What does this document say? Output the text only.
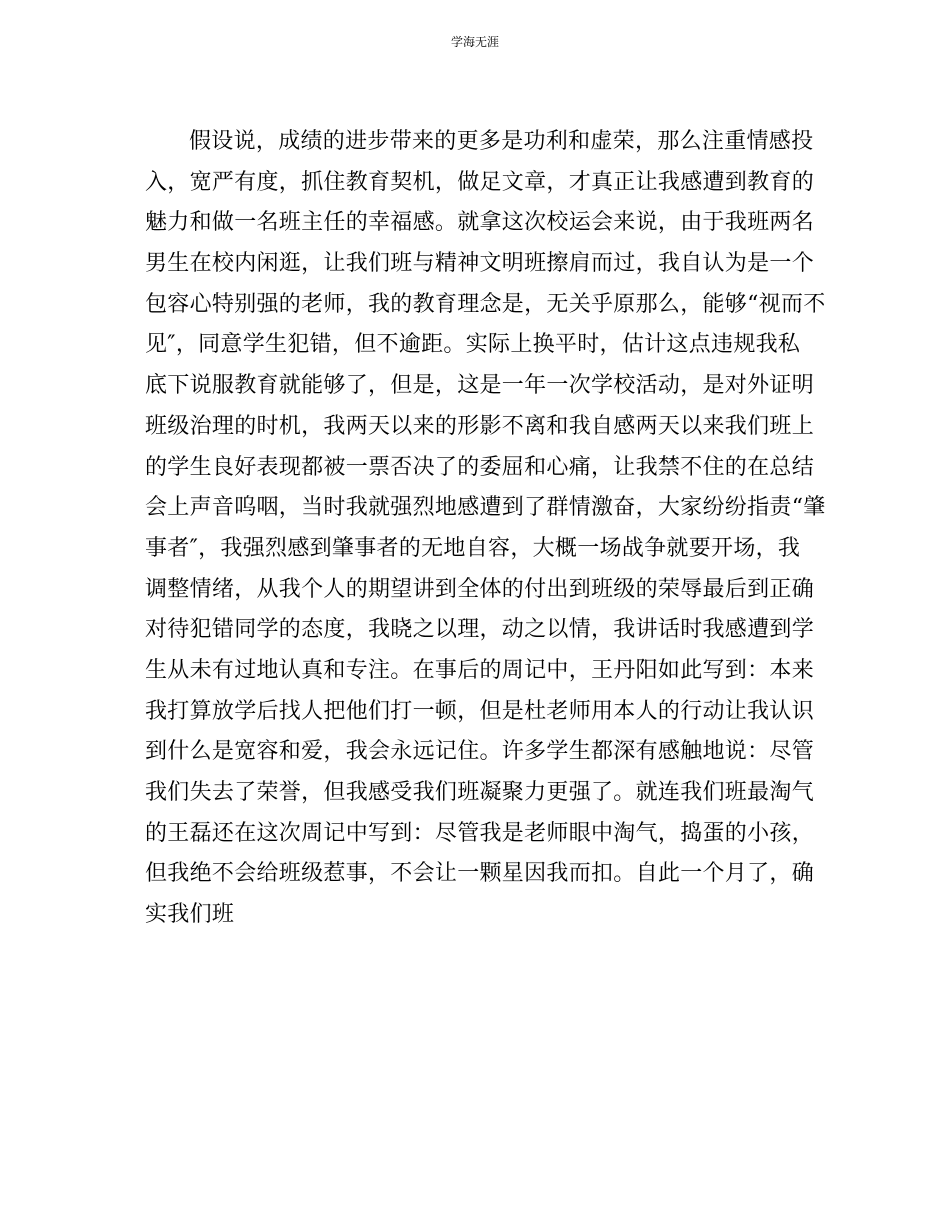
学海无涯
假设说，成绩的进步带来的更多是功利和虚荣，那么注重情感投
入，宽严有度，抓住教育契机，做足文章，才真正让我感遭到教育的
魅力和做一名班主任的幸福感。就拿这次校运会来说，由于我班两名
男生在校内闲逛，让我们班与精神文明班擦肩而过，我自认为是一个
包容心特别强的老师，我的教育理念是，无关乎原那么，能够“视而不
见″，同意学生犯错，但不逾距。实际上换平时，估计这点违规我私
底下说服教育就能够了，但是，这是一年一次学校活动，是对外证明
班级治理的时机，我两天以来的形影不离和我自感两天以来我们班上
的学生良好表现都被一票否决了的委屈和心痛，让我禁不住的在总结
会上声音呜咽，当时我就强烈地感遭到了群情激奋，大家纷纷指责“肇
事者″，我强烈感到肇事者的无地自容，大概一场战争就要开场，我
调整情绪，从我个人的期望讲到全体的付出到班级的荣辱最后到正确
对待犯错同学的态度，我晓之以理，动之以情，我讲话时我感遭到学
生从未有过地认真和专注。在事后的周记中，王丹阳如此写到：本来
我打算放学后找人把他们打一顿，但是杜老师用本人的行动让我认识
到什么是宽容和爱，我会永远记住。许多学生都深有感触地说：尽管
我们失去了荣誉，但我感受我们班凝聚力更强了。就连我们班最淘气
的王磊还在这次周记中写到：尽管我是老师眼中淘气，捣蛋的小孩，
但我绝不会给班级惹事，不会让一颗星因我而扣。自此一个月了，确
实我们班
